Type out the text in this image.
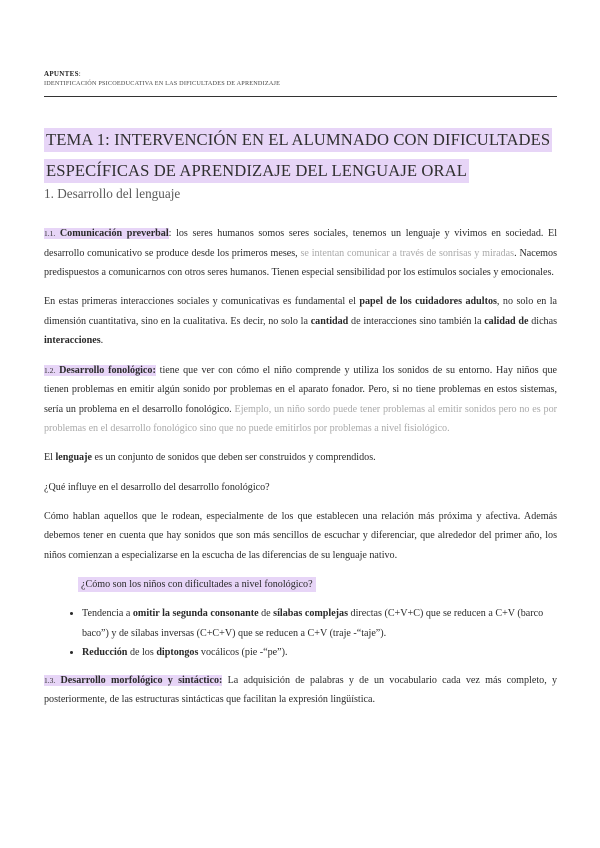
APUNTES:
IDENTIFICACIÓN PSICOEDUCATIVA EN LAS DIFICULTADES DE APRENDIZAJE
TEMA 1: INTERVENCIÓN EN EL ALUMNADO CON DIFICULTADES
ESPECÍFICAS DE APRENDIZAJE DEL LENGUAJE ORAL
1. Desarrollo del lenguaje

1.1. Comunicación preverbal: los seres humanos somos seres sociales, tenemos un lenguaje y vivimos en sociedad. El desarrollo comunicativo se produce desde los primeros meses, se intentan comunicar a través de sonrisas y miradas. Nacemos predispuestos a comunicarnos con otros seres humanos. Tienen especial sensibilidad por los estímulos sociales y emocionales.

En estas primeras interacciones sociales y comunicativas es fundamental el papel de los cuidadores adultos, no solo en la dimensión cuantitativa, sino en la cualitativa. Es decir, no solo la cantidad de interacciones sino también la calidad de dichas interacciones.

1.2. Desarrollo fonológico: tiene que ver con cómo el niño comprende y utiliza los sonidos de su entorno. Hay niños que tienen problemas en emitir algún sonido por problemas en el aparato fonador. Pero, si no tiene problemas en estos sistemas, sería un problema en el desarrollo fonológico. Ejemplo, un niño sordo puede tener problemas al emitir sonidos pero no es por problemas en el desarrollo fonológico sino que no puede emitirlos por problemas a nivel fisiológico.

El lenguaje es un conjunto de sonidos que deben ser construidos y comprendidos.

¿Qué influye en el desarrollo del desarrollo fonológico?

Cómo hablan aquellos que le rodean, especialmente de los que establecen una relación más próxima y afectiva. Además debemos tener en cuenta que hay sonidos que son más sencillos de escuchar y diferenciar, que alrededor del primer año, los niños comienzan a especializarse en la escucha de las diferencias de su lenguaje nativo.

¿Cómo son los niños con dificultades a nivel fonológico?

• Tendencia a omitir la segunda consonante de sílabas complejas directas (C+V+C) que se reducen a C+V (barco baco”) y de sílabas inversas (C+C+V) que se reducen a C+V (traje -“taje”).
• Reducción de los diptongos vocálicos (pie -“pe”).

1.3. Desarrollo morfológico y sintáctico: La adquisición de palabras y de un vocabulario cada vez más completo, y posteriormente, de las estructuras sintácticas que facilitan la expresión lingüística.
